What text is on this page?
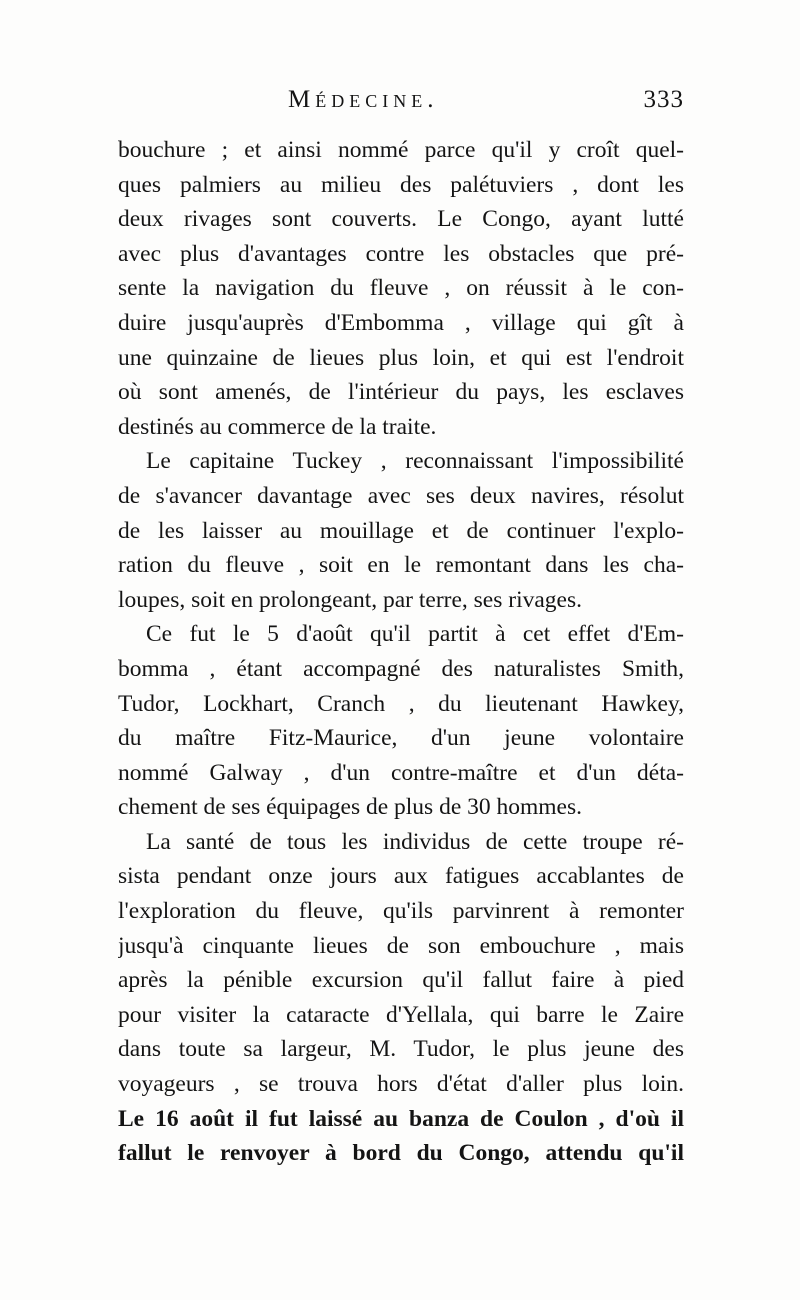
Médecine.	333
bouchure ; et ainsi nommé parce qu'il y croît quel-
ques palmiers au milieu des palétuviers , dont les
deux rivages sont couverts. Le Congo, ayant lutté
avec plus d'avantages contre les obstacles que pré-
sente la navigation du fleuve , on réussit à le con-
duire jusqu'auprès d'Embomma , village qui gît à
une quinzaine de lieues plus loin, et qui est l'endroit
où sont amenés, de l'intérieur du pays, les esclaves
destinés au commerce de la traite.
Le capitaine Tuckey , reconnaissant l'impossibilité
de s'avancer davantage avec ses deux navires, résolut
de les laisser au mouillage et de continuer l'explo-
ration du fleuve , soit en le remontant dans les cha-
loupes, soit en prolongeant, par terre, ses rivages.
Ce fut le 5 d'août qu'il partit à cet effet d'Em-
bomma , étant accompagné des naturalistes Smith,
Tudor, Lockhart, Cranch , du lieutenant Hawkey,
du maître Fitz-Maurice, d'un jeune volontaire
nommé Galway , d'un contre-maître et d'un déta-
chement de ses équipages de plus de 30 hommes.
La santé de tous les individus de cette troupe ré-
sista pendant onze jours aux fatigues accablantes de
l'exploration du fleuve, qu'ils parvinrent à remonter
jusqu'à cinquante lieues de son embouchure , mais
après la pénible excursion qu'il fallut faire à pied
pour visiter la cataracte d'Yellala, qui barre le Zaire
dans toute sa largeur, M. Tudor, le plus jeune des
voyageurs , se trouva hors d'état d'aller plus loin.
Le 16 août il fut laissé au banza de Coulon , d'où il
fallut le renvoyer à bord du Congo, attendu qu'il
